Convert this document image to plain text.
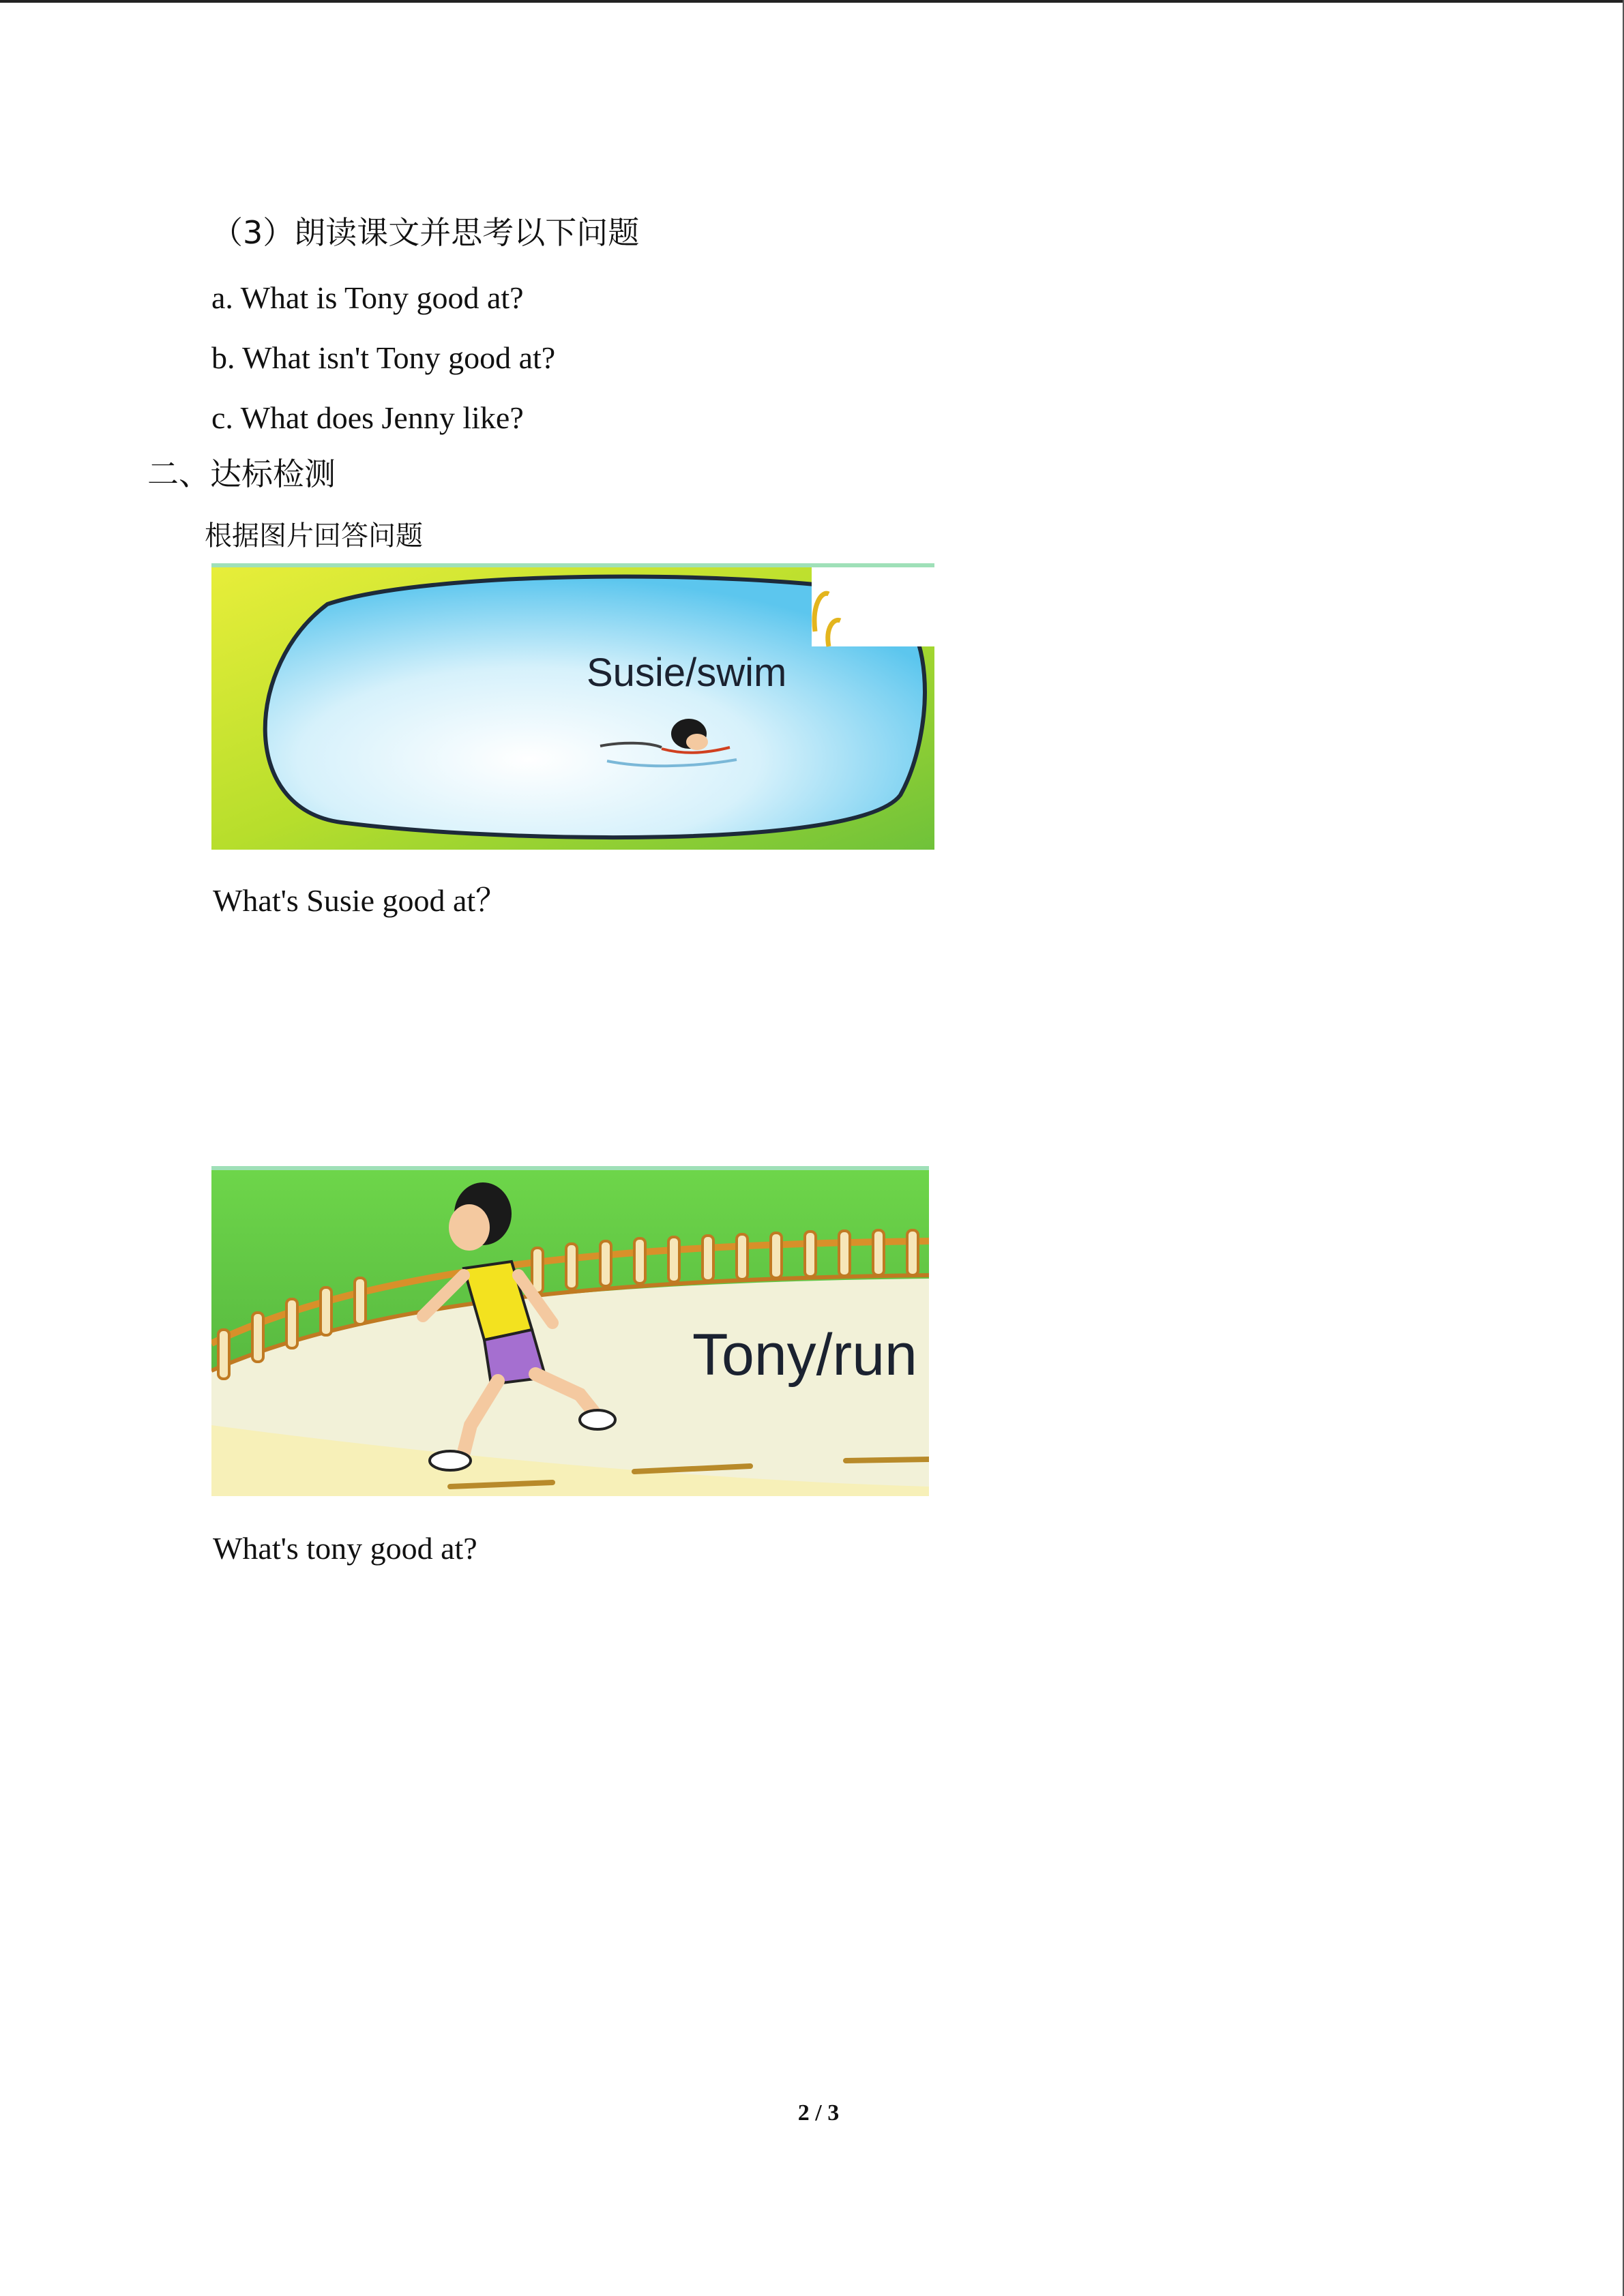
（3）朗读课文并思考以下问题
a. What is Tony good at?
b. What isn't Tony good at?
c. What does Jenny like?
二、达标检测
根据图片回答问题
Susie/swim
What's Susie good at？
Tony/run
What's tony good at?
2 / 3
